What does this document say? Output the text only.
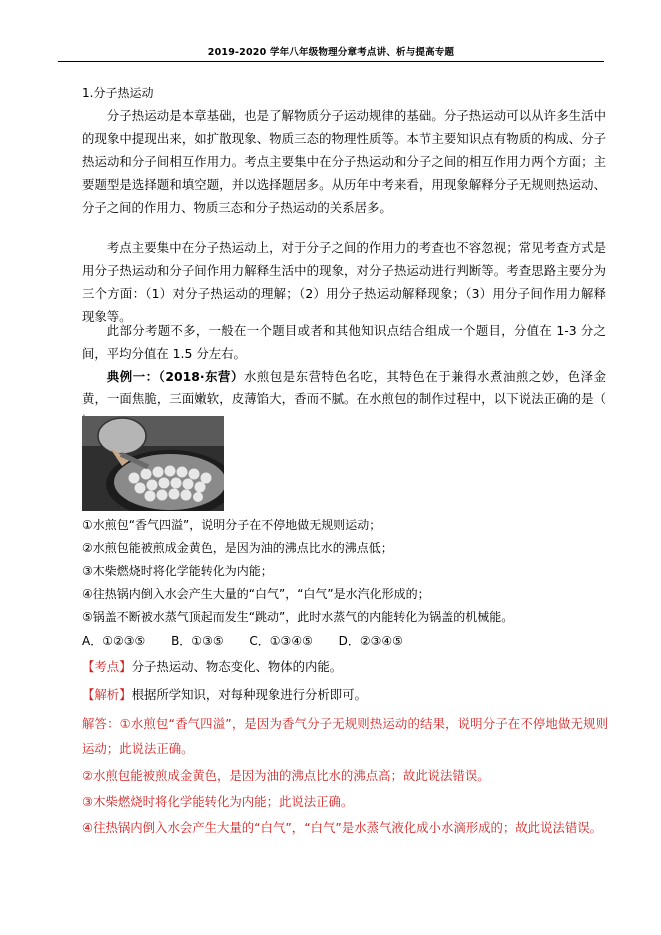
2019-2020 学年八年级物理分章考点讲、析与提高专题
1.分子热运动

分子热运动是本章基础，也是了解物质分子运动规律的基础。分子热运动可以从许多生活中的现象中提现出来，如扩散现象、物质三态的物理性质等。本节主要知识点有物质的构成、分子热运动和分子间相互作用力。考点主要集中在分子热运动和分子之间的相互作用力两个方面；主要题型是选择题和填空题，并以选择题居多。从历年中考来看，用现象解释分子无规则热运动、分子之间的作用力、物质三态和分子热运动的关系居多。

考点主要集中在分子热运动上，对于分子之间的作用力的考查也不容忽视；常见考查方式是用分子热运动和分子间作用力解释生活中的现象，对分子热运动进行判断等。考查思路主要分为三个方面：（1）对分子热运动的理解；（2）用分子热运动解释现象；（3）用分子间作用力解释现象等。

此部分考题不多，一般在一个题目或者和其他知识点结合组成一个题目，分值在 1-3 分之间，平均分值在 1.5 分左右。

典例一：（2018·东营）水煎包是东营特色名吃，其特色在于兼得水煮油煎之妙，色泽金黄，一面焦脆，三面嫩软，皮薄馅大，香而不腻。在水煎包的制作过程中，以下说法正确的是（

①水煎包“香气四溢”，说明分子在不停地做无规则运动；
②水煎包能被煎成金黄色，是因为油的沸点比水的沸点低；
③木柴燃烧时将化学能转化为内能；
④往热锅内倒入水会产生大量的“白气”，“白气”是水汽化形成的；
⑤锅盖不断被水蒸气顶起而发生“跳动”，此时水蒸气的内能转化为锅盖的机械能。
A．①②③⑤ B．①③⑤ C．①③④⑤ D．②③④⑤
【考点】分子热运动、物态变化、物体的内能。
【解析】根据所学知识，对每种现象进行分析即可。

解答：①水煎包“香气四溢”，是因为香气分子无规则热运动的结果，说明分子在不停地做无规则运动；此说法正确。

②水煎包能被煎成金黄色，是因为油的沸点比水的沸点高；故此说法错误。
③木柴燃烧时将化学能转化为内能；此说法正确。
④往热锅内倒入水会产生大量的“白气”，“白气”是水蒸气液化成小水滴形成的；故此说法错误。
